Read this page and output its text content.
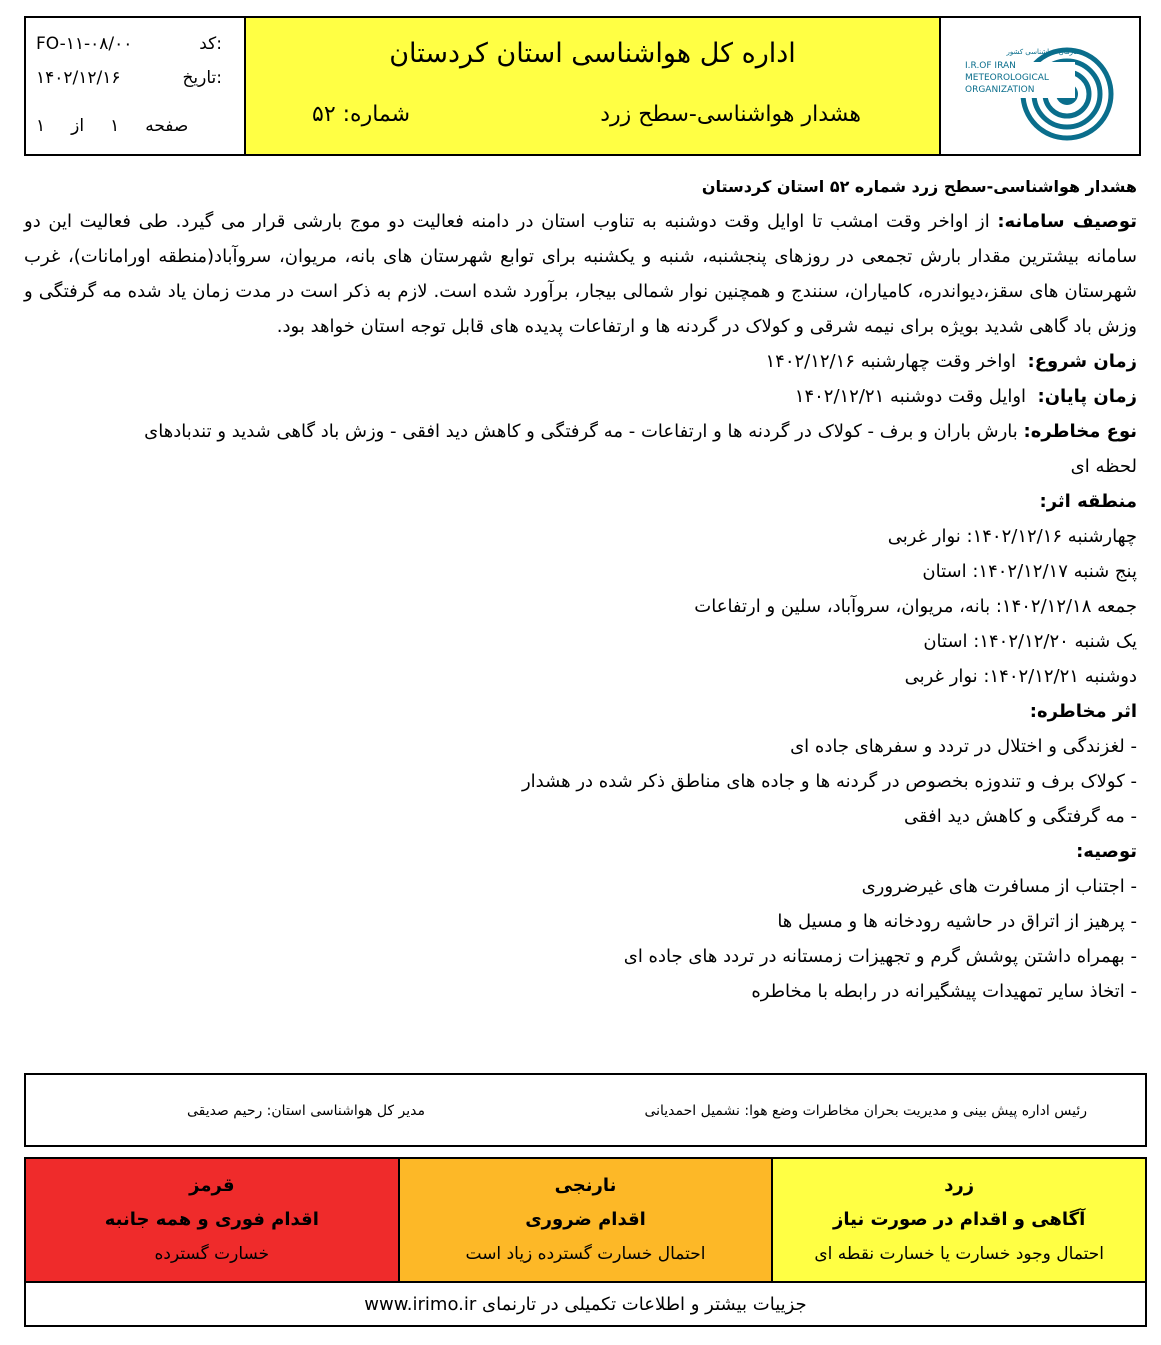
FO-۱۱-۰۸/۰۰	کد:
۱۴۰۲/۱۲/۱۶	تاریخ:
صفحه
۱
از
۱
اداره کل هواشناسی استان کردستان
هشدار هواشناسی-سطح زرد
شماره: ۵۲
سازمان هواشناسی کشور
I.R.OF IRAN
METEOROLOGICAL
ORGANIZATION
هشدار هواشناسی-سطح زرد شماره ۵۲ استان کردستان
توصیف سامانه: از اواخر وقت امشب تا اوایل وقت دوشنبه به تناوب استان در دامنه فعالیت دو موج بارشی قرار می گیرد. طی فعالیت این دو سامانه بیشترین مقدار بارش تجمعی در روزهای پنجشنبه، شنبه و یکشنبه برای توابع شهرستان های بانه، مریوان، سروآباد(منطقه اورامانات)، غرب شهرستان های سقز،دیواندره، کامیاران، سنندج و همچنین نوار شمالی بیجار، برآورد شده است. لازم به ذکر است در مدت زمان یاد شده مه گرفتگی و وزش باد گاهی شدید بویژه برای نیمه شرقی و کولاک در گردنه ها و ارتفاعات پدیده های قابل توجه استان خواهد بود.
زمان شروع:  اواخر وقت چهارشنبه ۱۴۰۲/۱۲/۱۶
زمان پایان:  اوایل وقت دوشنبه ۱۴۰۲/۱۲/۲۱
نوع مخاطره: بارش باران و برف - کولاک در گردنه ها و ارتفاعات - مه گرفتگی و کاهش دید افقی - وزش باد گاهی شدید و تندبادهای
لحظه ای
منطقه اثر:
چهارشنبه ۱۴۰۲/۱۲/۱۶: نوار غربی
پنج شنبه ۱۴۰۲/۱۲/۱۷: استان
جمعه ۱۴۰۲/۱۲/۱۸: بانه، مریوان، سروآباد، سلین و ارتفاعات
یک شنبه ۱۴۰۲/۱۲/۲۰: استان
دوشنبه ۱۴۰۲/۱۲/۲۱: نوار غربی
اثر مخاطره:
- لغزندگی و اختلال در تردد و سفرهای جاده ای
- کولاک برف و تندوزه بخصوص در گردنه ها و جاده های مناطق ذکر شده در هشدار
- مه گرفتگی و کاهش دید افقی
توصیه:
- اجتناب از مسافرت های غیرضروری
- پرهیز از اتراق در حاشیه رودخانه ها و مسیل ها
- بهمراه داشتن پوشش گرم و تجهیزات زمستانه در تردد های جاده ای
- اتخاذ سایر تمهیدات پیشگیرانه در رابطه با مخاطره
رئیس اداره پیش بینی و مدیریت بحران مخاطرات وضع هوا: نشمیل احمدیانی
مدیر کل هواشناسی استان: رحیم صدیقی
قرمز
اقدام فوری و همه جانبه
خسارت گسترده
نارنجی
اقدام ضروری
احتمال خسارت گسترده زیاد است
زرد
آگاهی و اقدام در صورت نیاز
احتمال وجود خسارت یا خسارت نقطه ای
جزییات بیشتر و اطلاعات تکمیلی در تارنمای www.irimo.ir
